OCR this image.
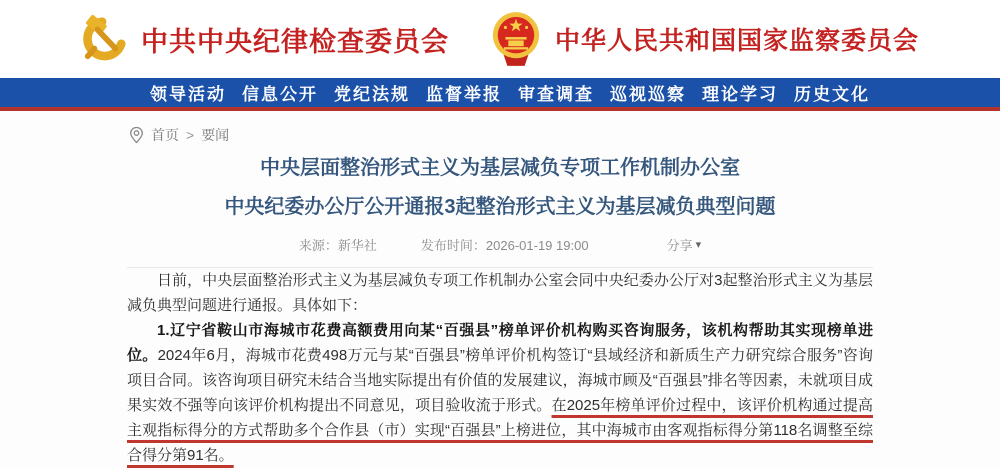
中共中央纪律检查委员会	中华人民共和国国家监察委员会
领导活动 信息公开 党纪法规 监督举报 审查调查 巡视巡察 理论学习 历史文化
首页 > 要闻
中央层面整治形式主义为基层减负专项工作机制办公室
中央纪委办公厅公开通报3起整治形式主义为基层减负典型问题
来源：新华社	发布时间：2026-01-19 19:00	分享 ▾

日前，中央层面整治形式主义为基层减负专项工作机制办公室会同中央纪委办公厅对3起整治形式主义为基层减负典型问题进行通报。具体如下：

1.辽宁省鞍山市海城市花费高额费用向某“百强县”榜单评价机构购买咨询服务，该机构帮助其实现榜单进位。2024年6月，海城市花费498万元与某“百强县”榜单评价机构签订“县域经济和新质生产力研究综合服务”咨询项目合同。该咨询项目研究未结合当地实际提出有价值的发展建议，海城市顾及“百强县”排名等因素，未就项目成果实效不强等向该评价机构提出不同意见，项目验收流于形式。在2025年榜单评价过程中，该评价机构通过提高主观指标得分的方式帮助多个合作县（市）实现“百强县”上榜进位，其中海城市由客观指标得分第118名调整至综合得分第91名。
